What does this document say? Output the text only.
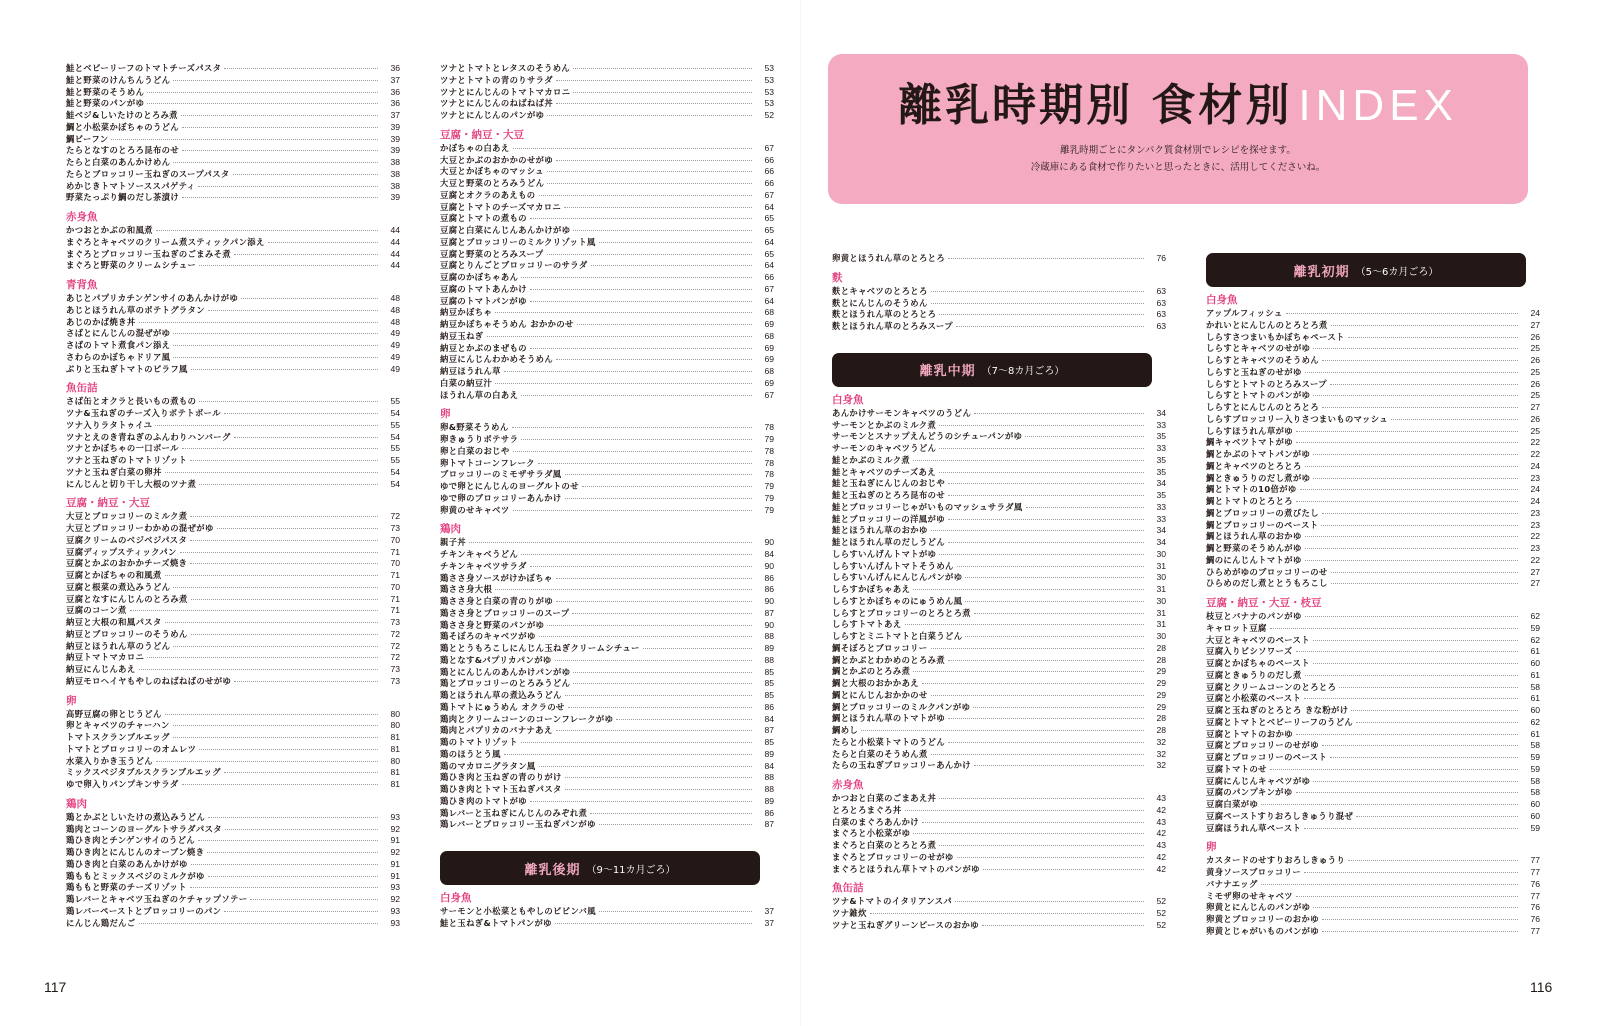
離乳時期別 食材別 INDEX
離乳時期ごとにタンパク質食材別でレシピを探せます。
冷蔵庫にある食材で作りたいと思ったときに、活用してくださいね。
鮭とベビーリーフのトマトチーズパスタ	36
鮭と野菜のけんちんうどん	37
鮭と野菜のそうめん	36
鮭と野菜のパンがゆ	36
鮭ベジ&しいたけのとろみ煮	37
鯛と小松菜かぼちゃのうどん	39
鯛ビーフン	39
たらとなすのとろろ昆布のせ	39
たらと白菜のあんかけめん	38
たらとブロッコリー玉ねぎのスープパスタ	38
めかじきトマトソーススパゲティ	38
野菜たっぷり鯛のだし茶漬け	39
赤身魚
かつおとかぶの和風煮	44
まぐろとキャベツのクリーム煮スティックパン添え	44
まぐろとブロッコリー玉ねぎのごまみそ煮	44
まぐろと野菜のクリームシチュー	44
青背魚
あじとパプリカチンゲンサイのあんかけがゆ	48
あじとほうれん草のポテトグラタン	48
あじのかば焼き丼	48
さばとにんじんの混ぜがゆ	49
さばのトマト煮食パン添え	49
さわらのかぼちゃドリア風	49
ぶりと玉ねぎトマトのピラフ風	49
魚缶詰
さば缶とオクラと長いもの煮もの	55
ツナ&玉ねぎのチーズ入りポテトボール	54
ツナ入りラタトゥイユ	55
ツナとえのき青ねぎのふんわりハンバーグ	54
ツナとかぼちゃの一口ボール	55
ツナと玉ねぎのトマトリゾット	55
ツナと玉ねぎ白菜の卵丼	54
にんじんと切り干し大根のツナ煮	54
豆腐・納豆・大豆
大豆とブロッコリーのミルク煮	72
大豆とブロッコリーわかめの混ぜがゆ	73
豆腐クリームのベジベジパスタ	70
豆腐ディップスティックパン	71
豆腐とかぶのおかかチーズ焼き	70
豆腐とかぼちゃの和風煮	71
豆腐と根菜の煮込みうどん	70
豆腐となすにんじんのとろみ煮	71
豆腐のコーン煮	71
納豆と大根の和風パスタ	73
納豆とブロッコリーのそうめん	72
納豆とほうれん草のうどん	72
納豆トマトマカロニ	72
納豆にんじんあえ	73
納豆モロヘイヤもやしのねばねばのせがゆ	73
卵
高野豆腐の卵とじうどん	80
卵とキャベツのチャーハン	80
トマトスクランブルエッグ	81
トマトとブロッコリーのオムレツ	81
水菜入りかき玉うどん	80
ミックスベジタブルスクランブルエッグ	81
ゆで卵入りパンプキンサラダ	81
鶏肉
鶏とかぶとしいたけの煮込みうどん	93
鶏肉とコーンのヨーグルトサラダパスタ	92
鶏ひき肉とチンゲンサイのうどん	91
鶏ひき肉とにんじんのオーブン焼き	92
鶏ひき肉と白菜のあんかけがゆ	91
鶏ももとミックスベジのミルクがゆ	91
鶏ももと野菜のチーズリゾット	93
鶏レバーとキャベツ玉ねぎのケチャップソテー	92
鶏レバーペーストとブロッコリーのパン	93
にんじん鶏だんご	93
ツナとトマトとレタスのそうめん	53
ツナとトマトの青のりサラダ	53
ツナとにんじんのトマトマカロニ	53
ツナとにんじんのねばねば丼	53
ツナとにんじんのパンがゆ	52
豆腐・納豆・大豆
かぼちゃの白あえ	67
大豆とかぶのおかかのせがゆ	66
大豆とかぼちゃのマッシュ	66
大豆と野菜のとろみうどん	66
豆腐とオクラのあえもの	67
豆腐とトマトのチーズマカロニ	64
豆腐とトマトの煮もの	65
豆腐と白菜にんじんあんかけがゆ	65
豆腐とブロッコリーのミルクリゾット風	64
豆腐と野菜のとろみスープ	65
豆腐とりんごとブロッコリーのサラダ	64
豆腐のかぼちゃあん	66
豆腐のトマトあんかけ	67
豆腐のトマトパンがゆ	64
納豆かぼちゃ	68
納豆かぼちゃそうめん おかかのせ	69
納豆玉ねぎ	68
納豆とかぶのまぜもの	69
納豆にんじんわかめそうめん	69
納豆ほうれん草	68
白菜の納豆汁	69
ほうれん草の白あえ	67
卵
卵&野菜そうめん	78
卵きゅうりポテサラ	79
卵と白菜のおじや	78
卵トマトコーンフレーク	78
ブロッコリーのミモザサラダ風	78
ゆで卵とにんじんのヨーグルトのせ	79
ゆで卵のブロッコリーあんかけ	79
卵黄のせキャベツ	79
鶏肉
親子丼	90
チキンキャベうどん	84
チキンキャベツサラダ	90
鶏ささ身ソースがけかぼちゃ	86
鶏ささ身大根	86
鶏ささ身と白菜の青のりがゆ	90
鶏ささ身とブロッコリーのスープ	87
鶏ささ身と野菜のパンがゆ	90
鶏そぼろのキャベツがゆ	88
鶏ととうもろこしにんじん玉ねぎクリームシチュー	89
鶏となす&パプリカパンがゆ	88
鶏とにんじんのあんかけパンがゆ	85
鶏とブロッコリーのとろみうどん	85
鶏とほうれん草の煮込みうどん	85
鶏トマトにゅうめん オクラのせ	86
鶏肉とクリームコーンのコーンフレークがゆ	84
鶏肉とパプリカのバナナあえ	87
鶏のトマトリゾット	85
鶏のほうとう風	89
鶏のマカロニグラタン風	84
鶏ひき肉と玉ねぎの青のりがけ	88
鶏ひき肉とトマト玉ねぎパスタ	88
鶏ひき肉のトマトがゆ	89
鶏レバーと玉ねぎにんじんのみぞれ煮	86
鶏レバーとブロッコリー玉ねぎパンがゆ	87
離乳後期 （9〜11カ月ごろ）
白身魚
サーモンと小松菜ともやしのビビンバ風	37
鮭と玉ねぎ&トマトパンがゆ	37
卵黄とほうれん草のとろとろ	76
麩
麩とキャベツのとろとろ	63
麩とにんじんのそうめん	63
麩とほうれん草のとろとろ	63
麩とほうれん草のとろみスープ	63
離乳中期 （7〜8カ月ごろ）
白身魚
あんかけサーモンキャベツのうどん	34
サーモンとかぶのミルク煮	33
サーモンとスナップえんどうのシチューパンがゆ	35
サーモンのキャベツうどん	33
鮭とかぶのミルク煮	35
鮭とキャベツのチーズあえ	35
鮭と玉ねぎにんじんのおじや	34
鮭と玉ねぎのとろろ昆布のせ	35
鮭とブロッコリーじゃがいものマッシュサラダ風	33
鮭とブロッコリーの洋風がゆ	33
鮭とほうれん草のおかゆ	34
鮭とほうれん草のだしうどん	34
しらすいんげんトマトがゆ	30
しらすいんげんトマトそうめん	31
しらすいんげんにんじんパンがゆ	30
しらすかぼちゃあえ	31
しらすとかぼちゃのにゅうめん風	30
しらすとブロッコリーのとろとろ煮	31
しらすトマトあえ	31
しらすとミニトマトと白菜うどん	30
鯛そぼろとブロッコリー	28
鯛とかぶとわかめのとろみ煮	28
鯛とかぶのとろみ煮	29
鯛と大根のおかかあえ	29
鯛とにんじんおかかのせ	29
鯛とブロッコリーのミルクパンがゆ	29
鯛とほうれん草のトマトがゆ	28
鯛めし	28
たらと小松菜トマトのうどん	32
たらと白菜のそうめん煮	32
たらの玉ねぎブロッコリーあんかけ	32
赤身魚
かつおと白菜のごまあえ丼	43
とろとろまぐろ丼	42
白菜のまぐろあんかけ	43
まぐろと小松菜がゆ	42
まぐろと白菜のとろとろ煮	43
まぐろとブロッコリーのせがゆ	42
まぐろとほうれん草トマトのパンがゆ	42
魚缶詰
ツナ&トマトのイタリアンスパ	52
ツナ雑炊	52
ツナと玉ねぎグリーンピースのおかゆ	52
離乳初期 （5〜6カ月ごろ）
白身魚
アップルフィッシュ	24
かれいとにんじんのとろとろ煮	27
しらすさつまいもかぼちゃペースト	26
しらすとキャベツのせがゆ	25
しらすとキャベツのそうめん	26
しらすと玉ねぎのせがゆ	25
しらすとトマトのとろみスープ	26
しらすとトマトのパンがゆ	25
しらすとにんじんのとろとろ	27
しらすブロッコリー入りさつまいものマッシュ	26
しらすほうれん草がゆ	25
鯛キャベツトマトがゆ	22
鯛とかぶのトマトパンがゆ	22
鯛とキャベツのとろとろ	24
鯛ときゅうりのだし煮がゆ	23
鯛とトマトの10倍がゆ	24
鯛とトマトのとろとろ	24
鯛とブロッコリーの煮びたし	23
鯛とブロッコリーのペースト	23
鯛とほうれん草のおかゆ	22
鯛と野菜のそうめんがゆ	23
鯛のにんじんトマトがゆ	22
ひらめがゆのブロッコリーのせ	27
ひらめのだし煮ととうもろこし	27
豆腐・納豆・大豆・枝豆
枝豆とバナナのパンがゆ	62
キャロット豆腐	59
大豆とキャベツのペースト	62
豆腐入りビシソワーズ	61
豆腐とかぼちゃのペースト	60
豆腐ときゅうりのだし煮	61
豆腐とクリームコーンのとろとろ	58
豆腐と小松菜のペースト	61
豆腐と玉ねぎのとろとろ きな粉がけ	60
豆腐とトマトとベビーリーフのうどん	62
豆腐とトマトのおかゆ	61
豆腐とブロッコリーのせがゆ	58
豆腐とブロッコリーのペースト	59
豆腐トマトのせ	59
豆腐にんじんキャベツがゆ	58
豆腐のパンプキンがゆ	58
豆腐白菜がゆ	60
豆腐ペーストすりおろしきゅうり混ぜ	60
豆腐ほうれん草ペースト	59
卵
カスタードのせすりおろしきゅうり	77
黄身ソースブロッコリー	77
バナナエッグ	76
ミモザ卵のせキャベツ	77
卵黄とにんじんのパンがゆ	76
卵黄とブロッコリーのおかゆ	76
卵黄とじゃがいものパンがゆ	77
117	116
